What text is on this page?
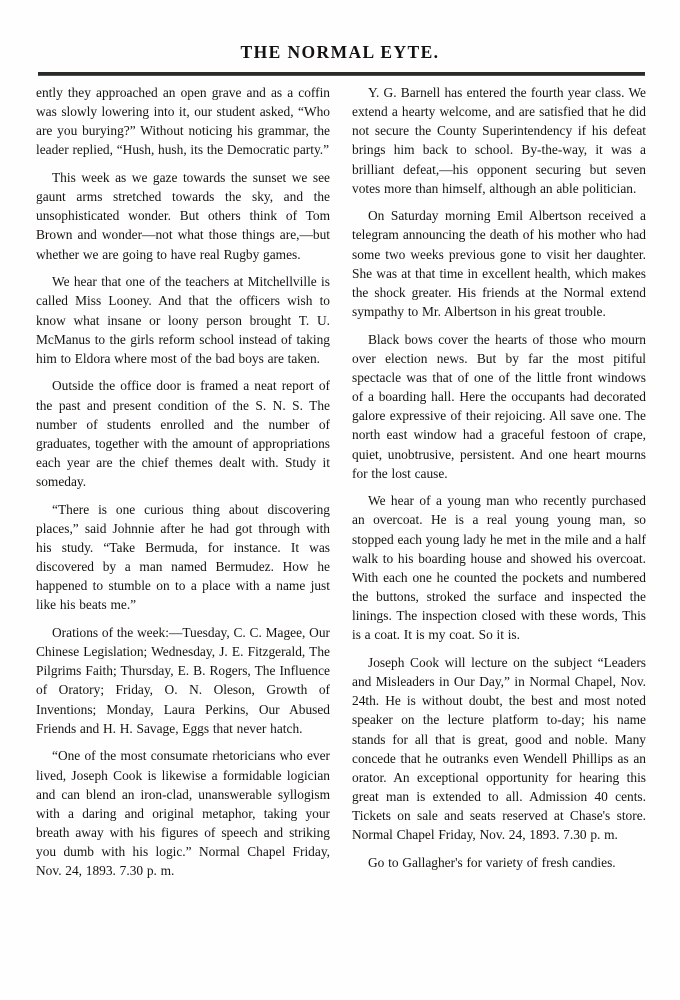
THE NORMAL EYTE.

ently they approached an open grave and as a coffin was slowly lowering into it, our student asked, “Who are you burying?” Without noticing his grammar, the leader replied, “Hush, hush, its the Democratic party.”

This week as we gaze towards the sunset we see gaunt arms stretched towards the sky, and the unsophisticated wonder. But others think of Tom Brown and wonder—not what those things are,—but whether we are going to have real Rugby games.

We hear that one of the teachers at Mitchellville is called Miss Looney. And that the officers wish to know what insane or loony person brought T. U. McManus to the girls reform school instead of taking him to Eldora where most of the bad boys are taken.

Outside the office door is framed a neat report of the past and present condition of the S. N. S. The number of students enrolled and the number of graduates, together with the amount of appropriations each year are the chief themes dealt with. Study it someday.

“There is one curious thing about discovering places,” said Johnnie after he had got through with his study. “Take Bermuda, for instance. It was discovered by a man named Bermudez. How he happened to stumble on to a place with a name just like his beats me.”

Orations of the week:—Tuesday, C. C. Magee, Our Chinese Legislation; Wednesday, J. E. Fitzgerald, The Pilgrims Faith; Thursday, E. B. Rogers, The Influence of Oratory; Friday, O. N. Oleson, Growth of Inventions; Monday, Laura Perkins, Our Abused Friends and H. H. Savage, Eggs that never hatch.

“One of the most consumate rhetoricians who ever lived, Joseph Cook is likewise a formidable logician and can blend an iron-clad, unanswerable syllogism with a daring and original metaphor, taking your breath away with his figures of speech and striking you dumb with his logic.” Normal Chapel Friday, Nov. 24, 1893. 7.30 p. m.

Y. G. Barnell has entered the fourth year class. We extend a hearty welcome, and are satisfied that he did not secure the County Superintendency if his defeat brings him back to school. By-the-way, it was a brilliant defeat,—his opponent securing but seven votes more than himself, although an able politician.

On Saturday morning Emil Albertson received a telegram announcing the death of his mother who had some two weeks previous gone to visit her daughter. She was at that time in excellent health, which makes the shock greater. His friends at the Normal extend sympathy to Mr. Albertson in his great trouble.

Black bows cover the hearts of those who mourn over election news. But by far the most pitiful spectacle was that of one of the little front windows of a boarding hall. Here the occupants had decorated galore expressive of their rejoicing. All save one. The north east window had a graceful festoon of crape, quiet, unobtrusive, persistent. And one heart mourns for the lost cause.

We hear of a young man who recently purchased an overcoat. He is a real young young man, so stopped each young lady he met in the mile and a half walk to his boarding house and showed his overcoat. With each one he counted the pockets and numbered the buttons, stroked the surface and inspected the linings. The inspection closed with these words, This is a coat. It is my coat. So it is.

Joseph Cook will lecture on the subject “Leaders and Misleaders in Our Day,” in Normal Chapel, Nov. 24th. He is without doubt, the best and most noted speaker on the lecture platform to-day; his name stands for all that is great, good and noble. Many concede that he outranks even Wendell Phillips as an orator. An exceptional opportunity for hearing this great man is extended to all. Admission 40 cents. Tickets on sale and seats reserved at Chase's store. Normal Chapel Friday, Nov. 24, 1893. 7.30 p. m.

Go to Gallagher's for variety of fresh candies.
